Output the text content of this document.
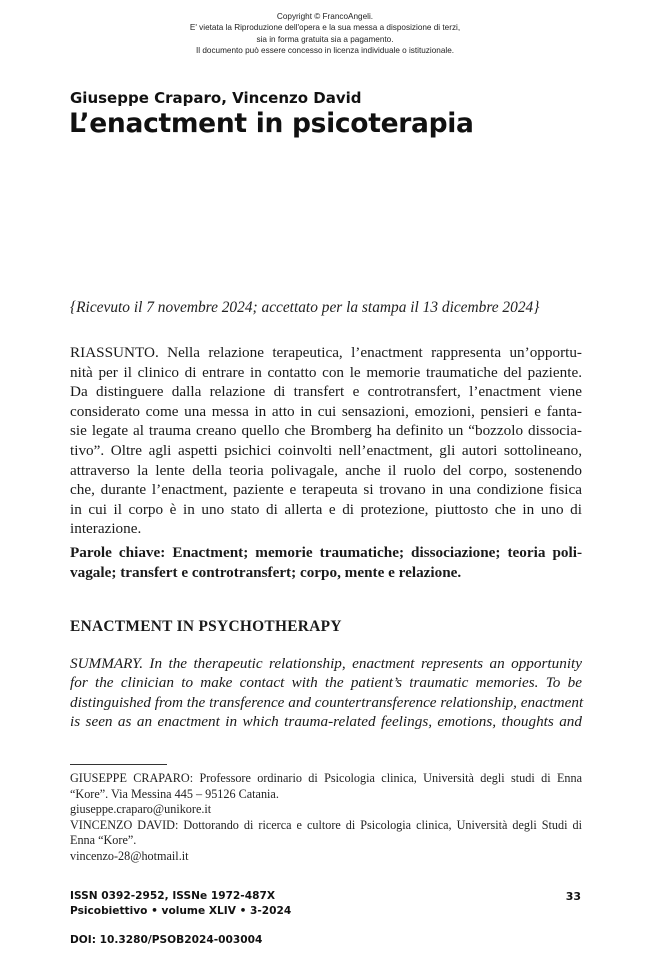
Copyright © FrancoAngeli.
E' vietata la Riproduzione dell'opera e la sua messa a disposizione di terzi,
sia in forma gratuita sia a pagamento.
Il documento può essere concesso in licenza individuale o istituzionale.
Giuseppe Craparo, Vincenzo David
L’enactment in psicoterapia
{Ricevuto il 7 novembre 2024; accettato per la stampa il 13 dicembre 2024}
RIASSUNTO. Nella relazione terapeutica, l’enactment rappresenta un’opportu-
nità per il clinico di entrare in contatto con le memorie traumatiche del paziente.
Da distinguere dalla relazione di transfert e controtransfert, l’enactment viene
considerato come una messa in atto in cui sensazioni, emozioni, pensieri e fanta-
sie legate al trauma creano quello che Bromberg ha definito un “bozzolo dissocia-
tivo”. Oltre agli aspetti psichici coinvolti nell’enactment, gli autori sottolineano,
attraverso la lente della teoria polivagale, anche il ruolo del corpo, sostenendo
che, durante l’enactment, paziente e terapeuta si trovano in una condizione fisica
in cui il corpo è in uno stato di allerta e di protezione, piuttosto che in uno di
interazione.
Parole chiave: Enactment; memorie traumatiche; dissociazione; teoria poli-
vagale; transfert e controtransfert; corpo, mente e relazione.
ENACTMENT IN PSYCHOTHERAPY
SUMMARY. In the therapeutic relationship, enactment represents an opportunity
for the clinician to make contact with the patient’s traumatic memories. To be
distinguished from the transference and countertransference relationship, enactment
is seen as an enactment in which trauma-related feelings, emotions, thoughts and
GIUSEPPE CRAPARO: Professore ordinario di Psicologia clinica, Università degli studi di Enna
“Kore”. Via Messina 445 – 95126 Catania.
giuseppe.craparo@unikore.it
VINCENZO DAVID: Dottorando di ricerca e cultore di Psicologia clinica, Università degli Studi di
Enna “Kore”.
vincenzo-28@hotmail.it
ISSN 0392-2952, ISSNe 1972-487X
Psicobiettivo • volume XLIV • 3-2024
33
DOI: 10.3280/PSOB2024-003004
